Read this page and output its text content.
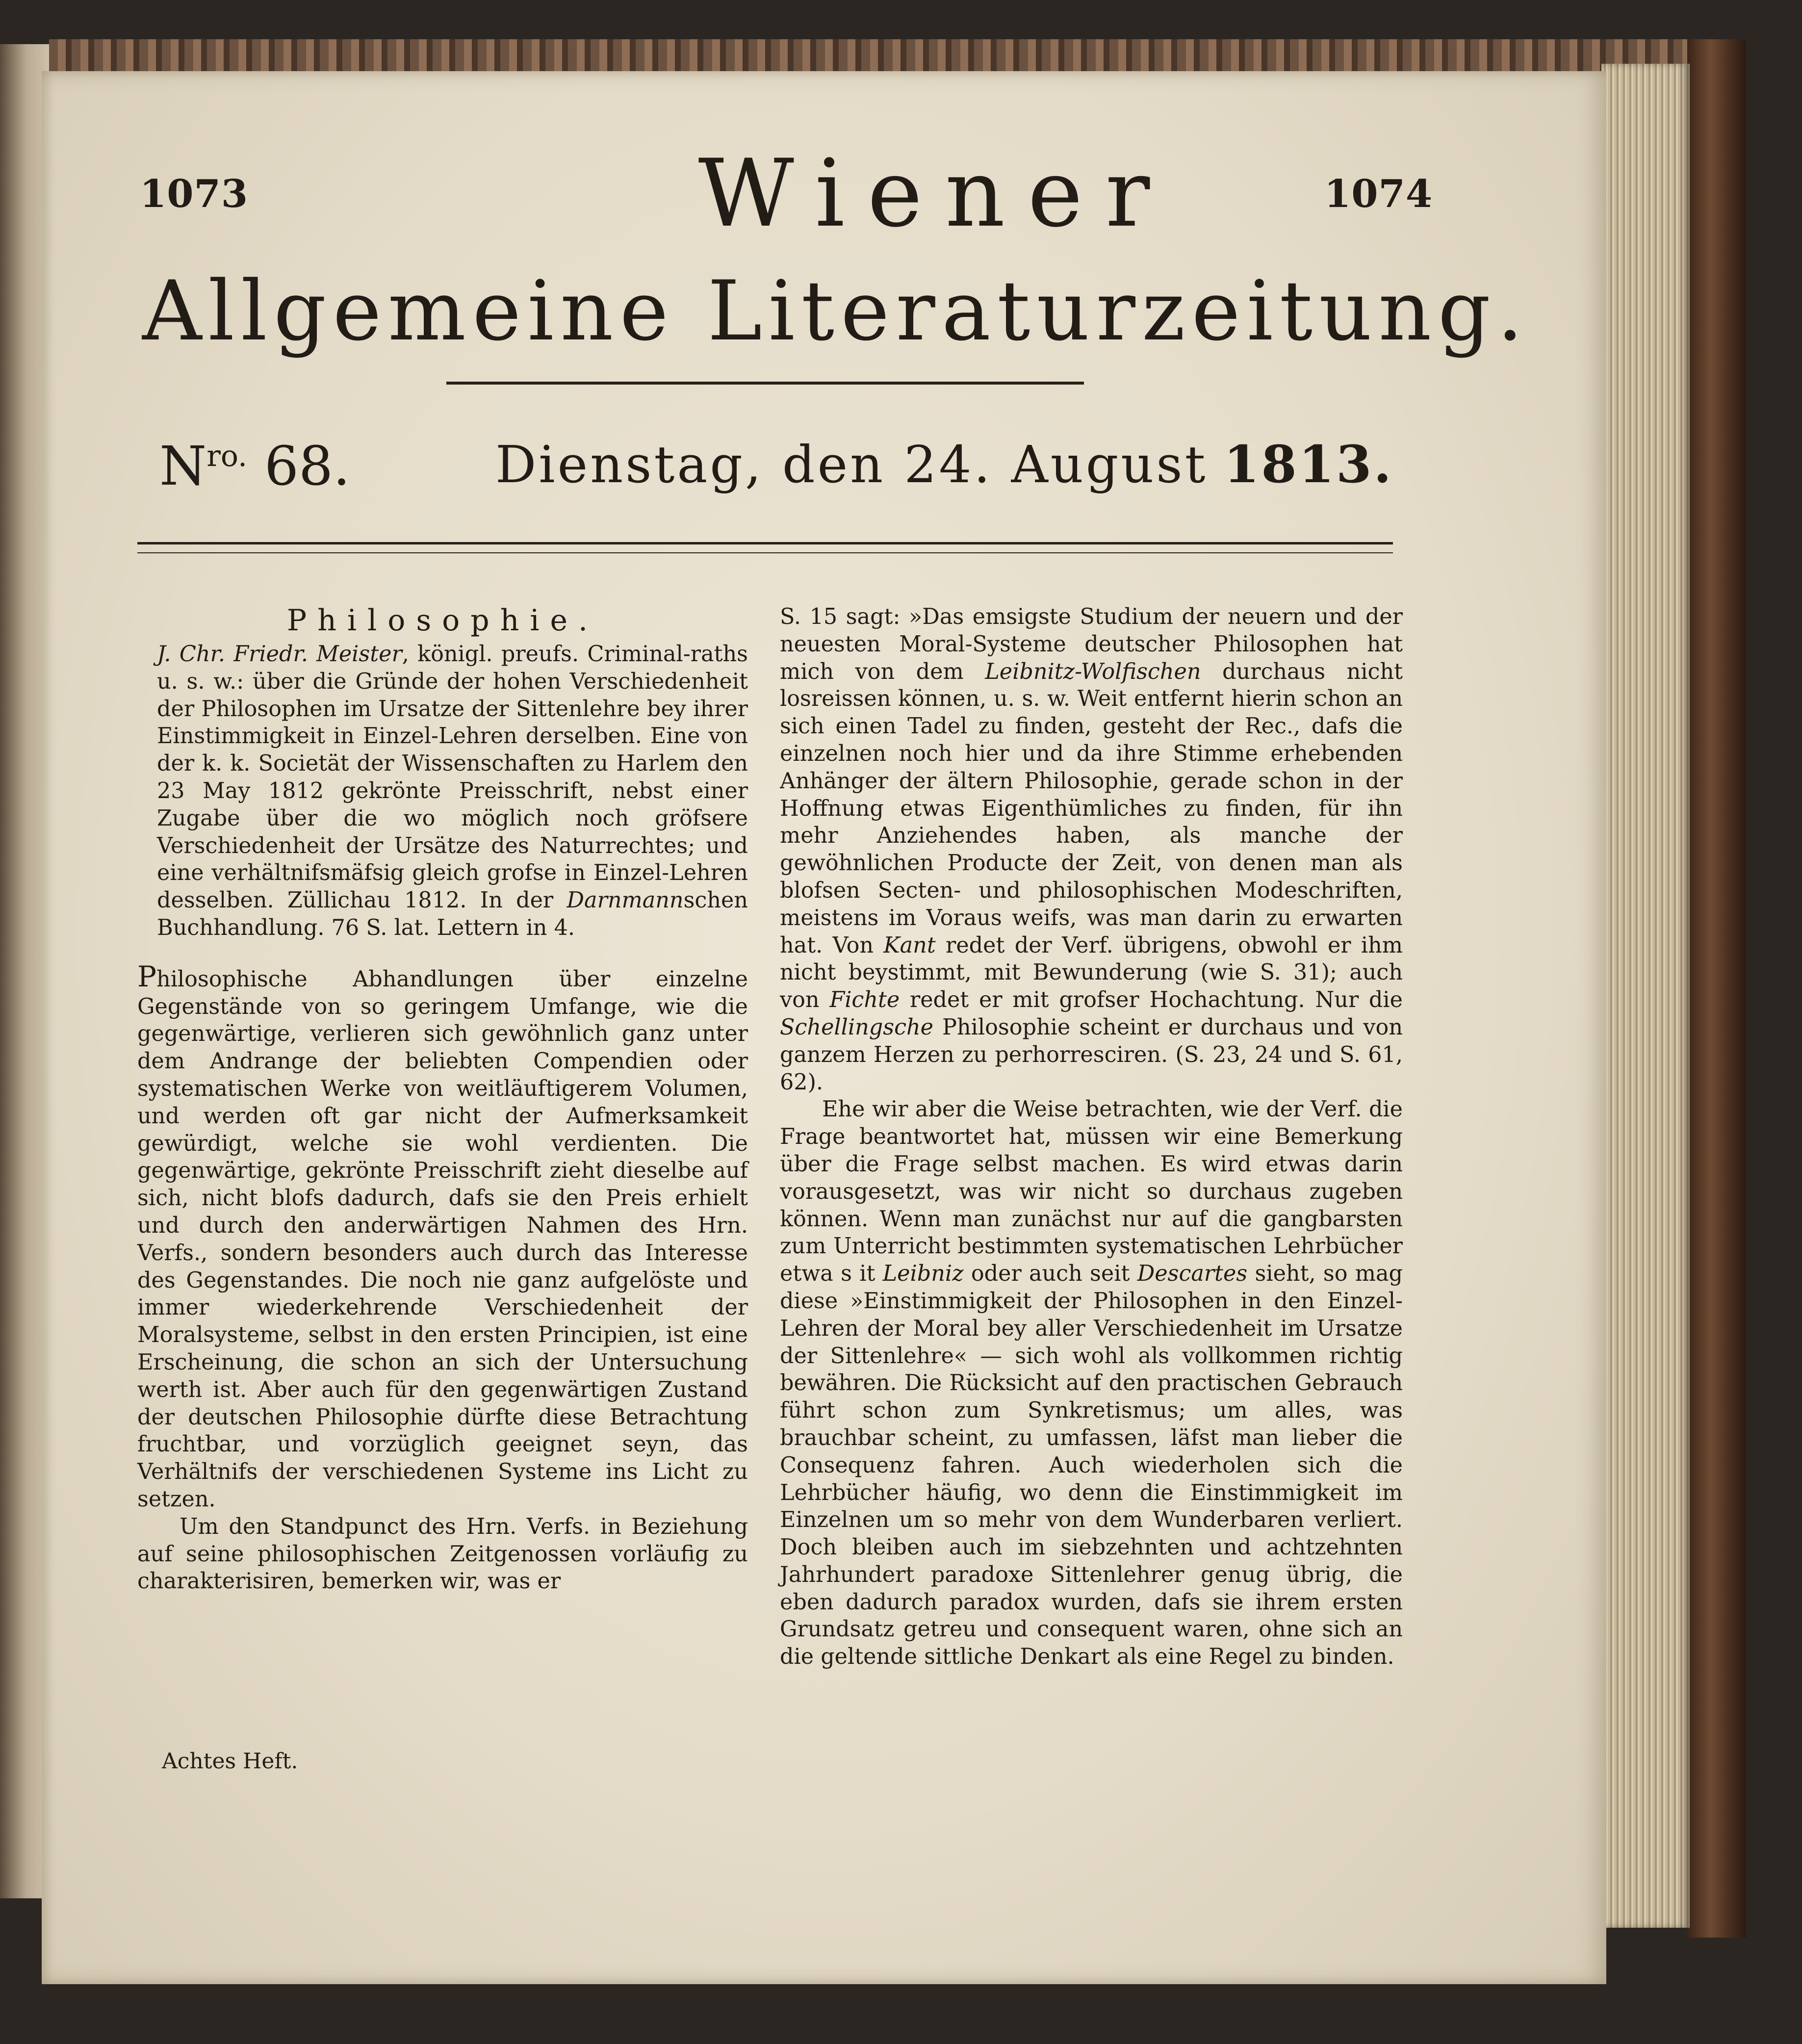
1073	1074
Wiener
Allgemeine Literaturzeitung.
$N^{ro.}$ 68.	Dienstag, den 24. August 1813.

Philosophie.

J. Chr. Friedr. Meister, königl. preufs. Criminal-raths u. s. w.: über die Gründe der hohen Verschiedenheit der Philosophen im Ursatze der Sittenlehre bey ihrer Einstimmigkeit in Einzel-Lehren derselben. Eine von der k. k. Societät der Wissenschaften zu Harlem den 23 May 1812 gekrönte Preisschrift, nebst einer Zugabe über die wo möglich noch gröfsere Verschiedenheit der Ursätze des Naturrechtes; und eine verhältnifsmäfsig gleich grofse in Einzel-Lehren desselben. Züllichau 1812. In der Darnmannschen Buchhandlung. 76 S. lat. Lettern in 4.

Philosophische Abhandlungen über einzelne Gegenstände von so geringem Umfange, wie die gegenwärtige, verlieren sich gewöhnlich ganz unter dem Andrange der beliebten Compendien oder systematischen Werke von weitläuftigerem Volumen, und werden oft gar nicht der Aufmerksamkeit gewürdigt, welche sie wohl verdienten. Die gegenwärtige, gekrönte Preisschrift zieht dieselbe auf sich, nicht blofs dadurch, dafs sie den Preis erhielt und durch den anderwärtigen Nahmen des Hrn. Verfs., sondern besonders auch durch das Interesse des Gegenstandes. Die noch nie ganz aufgelöste und immer wiederkehrende Verschiedenheit der Moralsysteme, selbst in den ersten Principien, ist eine Erscheinung, die schon an sich der Untersuchung werth ist. Aber auch für den gegenwärtigen Zustand der deutschen Philosophie dürfte diese Betrachtung fruchtbar, und vorzüglich geeignet seyn, das Verhältnifs der verschiedenen Systeme ins Licht zu setzen.

Um den Standpunct des Hrn. Verfs. in Beziehung auf seine philosophischen Zeitgenossen vorläufig zu charakterisiren, bemerken wir, was er

Achtes Heft.

S. 15 sagt: »Das emsigste Studium der neuern und der neuesten Moral-Systeme deutscher Philosophen hat mich von dem Leibnitz-Wolfischen durchaus nicht losreissen können, u. s. w. Weit entfernt hierin schon an sich einen Tadel zu finden, gesteht der Rec., dafs die einzelnen noch hier und da ihre Stimme erhebenden Anhänger der ältern Philosophie, gerade schon in der Hoffnung etwas Eigenthümliches zu finden, für ihn mehr Anziehendes haben, als manche der gewöhnlichen Producte der Zeit, von denen man als blofsen Secten- und philosophischen Modeschriften, meistens im Voraus weifs, was man darin zu erwarten hat. Von Kant redet der Verf. übrigens, obwohl er ihm nicht beystimmt, mit Bewunderung (wie S. 31); auch von Fichte redet er mit grofser Hochachtung. Nur die Schellingsche Philosophie scheint er durchaus und von ganzem Herzen zu perhorresciren. (S. 23, 24 und S. 61, 62).

Ehe wir aber die Weise betrachten, wie der Verf. die Frage beantwortet hat, müssen wir eine Bemerkung über die Frage selbst machen. Es wird etwas darin vorausgesetzt, was wir nicht so durchaus zugeben können. Wenn man zunächst nur auf die gangbarsten zum Unterricht bestimmten systematischen Lehrbücher etwa s it Leibniz oder auch seit Descartes sieht, so mag diese »Einstimmigkeit der Philosophen in den Einzel-Lehren der Moral bey aller Verschiedenheit im Ursatze der Sittenlehre« — sich wohl als vollkommen richtig bewähren. Die Rücksicht auf den practischen Gebrauch führt schon zum Synkretismus; um alles, was brauchbar scheint, zu umfassen, läfst man lieber die Consequenz fahren. Auch wiederholen sich die Lehrbücher häufig, wo denn die Einstimmigkeit im Einzelnen um so mehr von dem Wunderbaren verliert. Doch bleiben auch im siebzehnten und achtzehnten Jahrhundert paradoxe Sittenlehrer genug übrig, die eben dadurch paradox wurden, dafs sie ihrem ersten Grundsatz getreu und consequent waren, ohne sich an die geltende sittliche Denkart als eine Regel zu binden.
